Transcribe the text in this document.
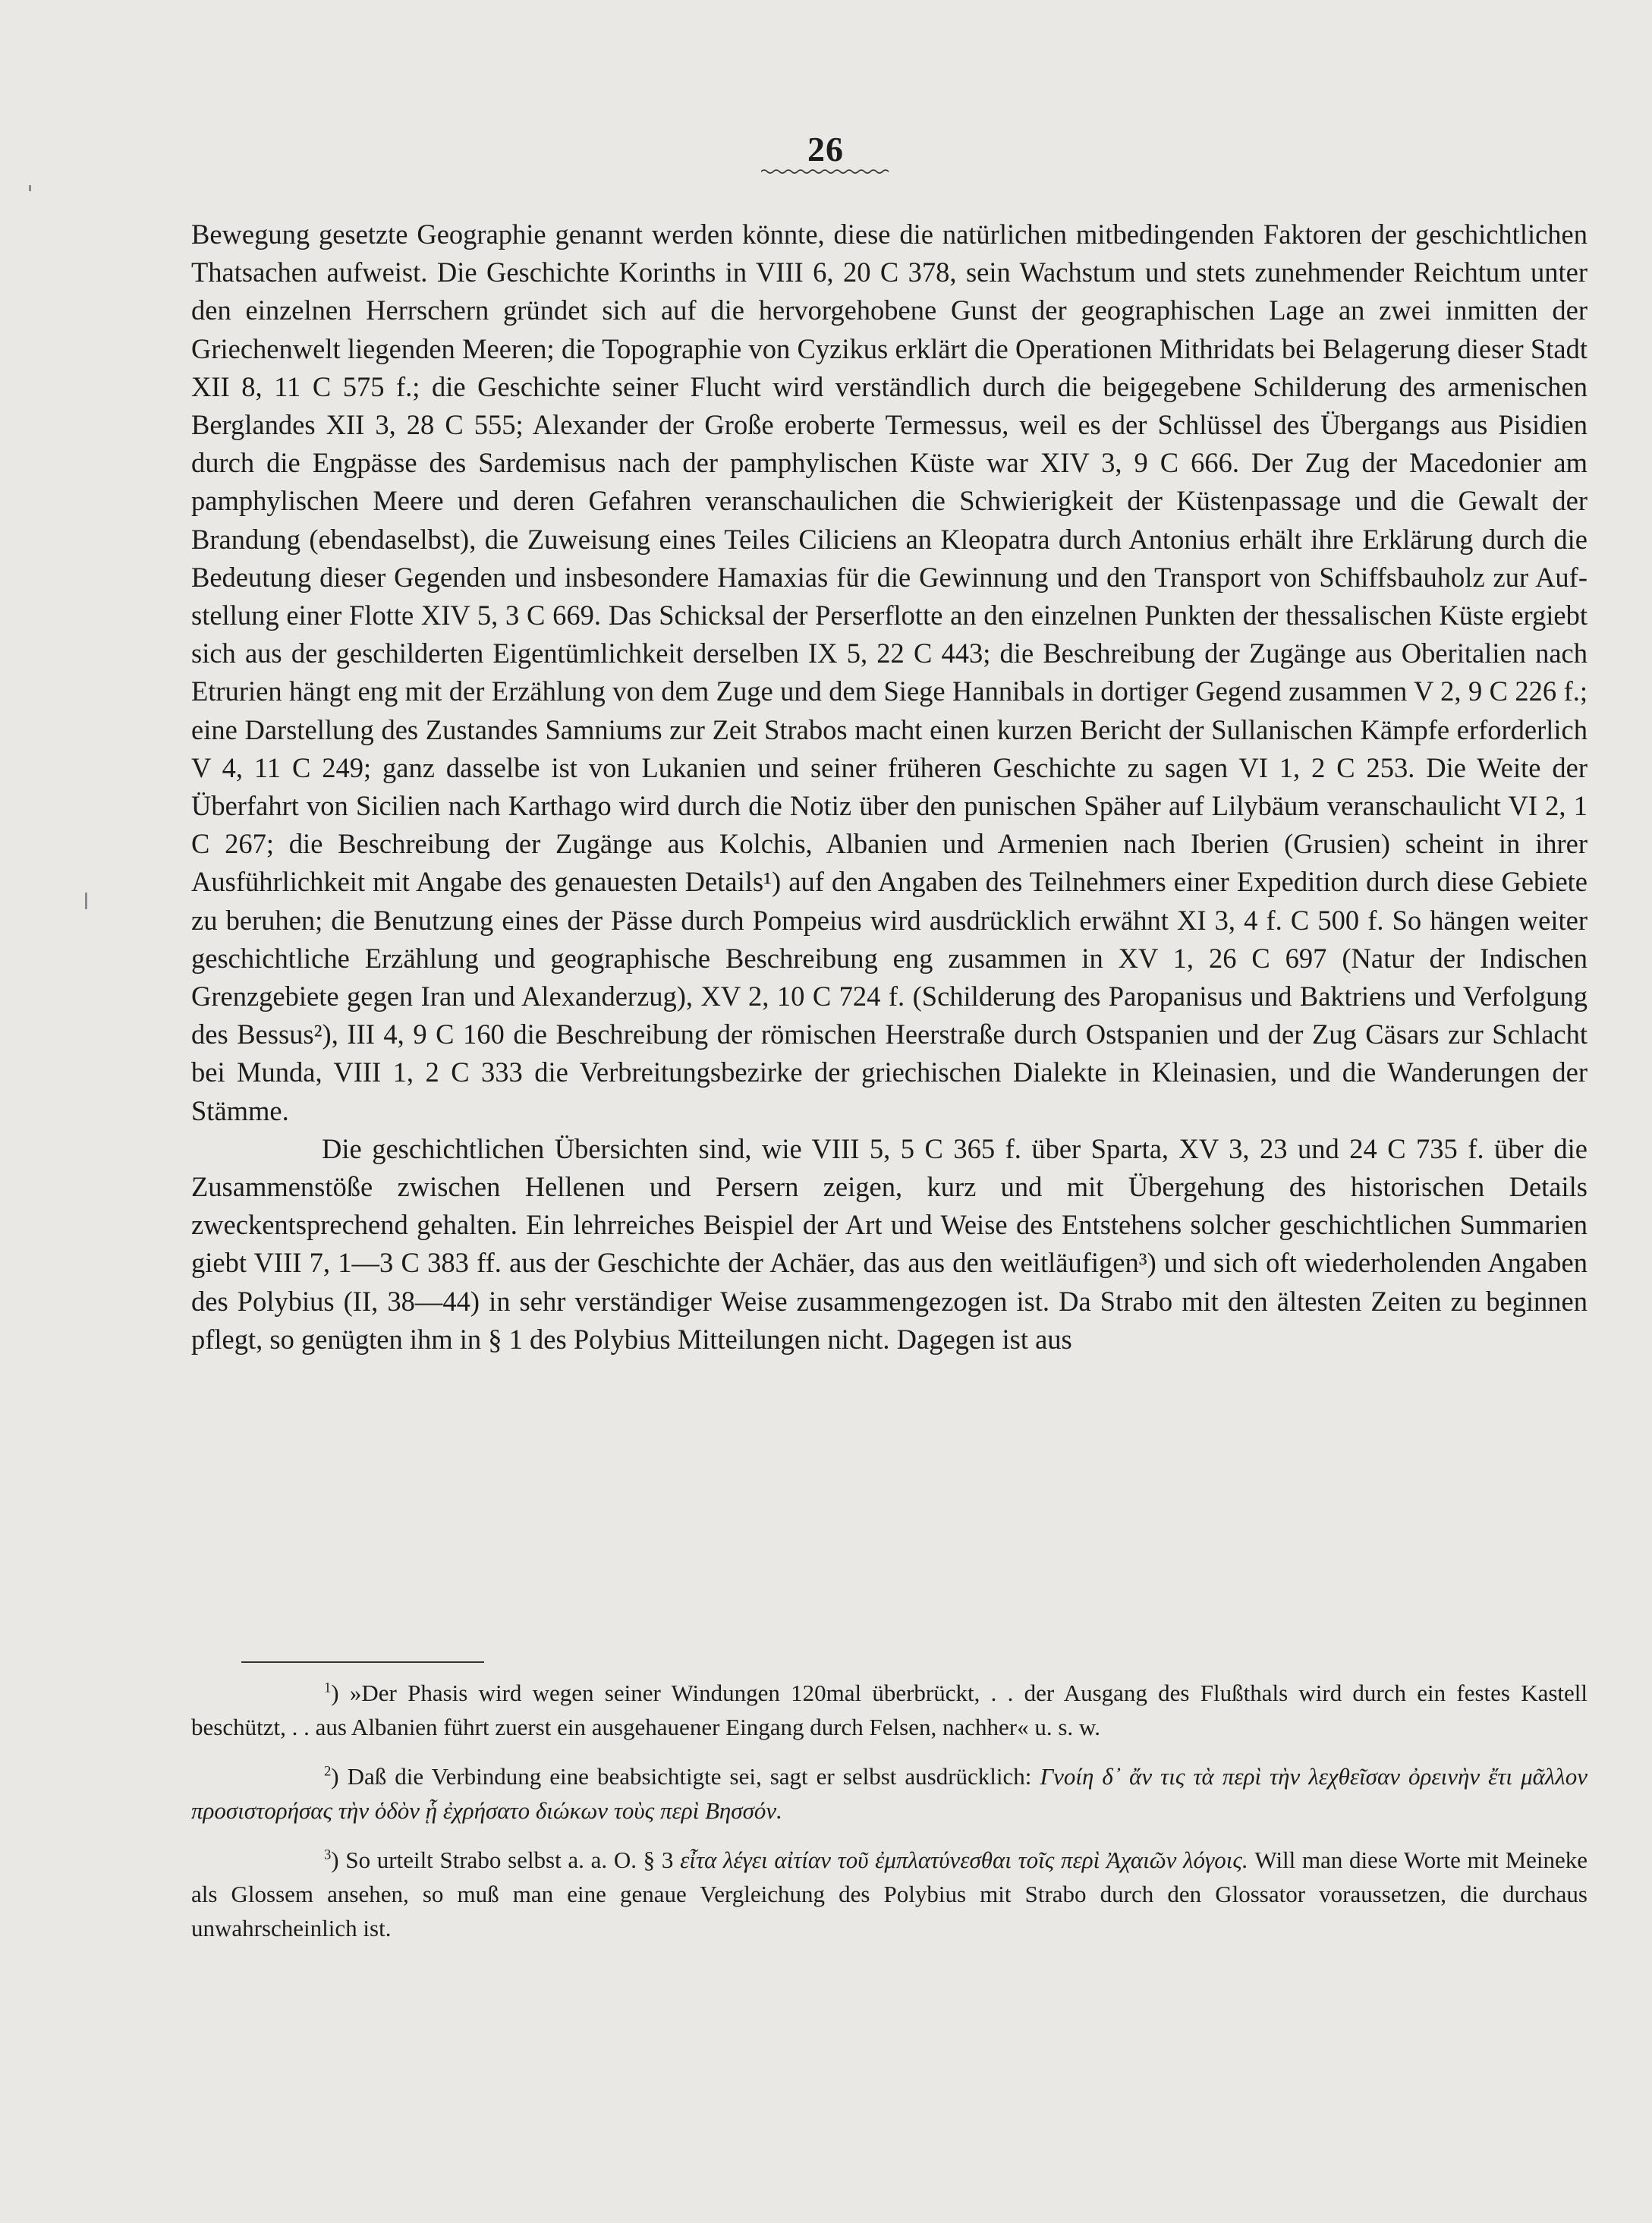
26

Bewegung gesetzte Geographie genannt werden könnte, diese die natürlichen mitbedingenden Faktoren der geschichtlichen Thatsachen aufweist. Die Geschichte Korinths in VIII 6, 20 C 378, sein Wachstum und stets zunehmender Reichtum unter den einzelnen Herrschern gründet sich auf die hervorgehobene Gunst der geographischen Lage an zwei inmitten der Griechenwelt liegenden Meeren; die Topographie von Cyzikus erklärt die Operationen Mithridats bei Belagerung dieser Stadt XII 8, 11 C 575 f.; die Geschichte seiner Flucht wird verständlich durch die beigegebene Schilderung des armenischen Berglandes XII 3, 28 C 555; Alexander der Große eroberte Termessus, weil es der Schlüssel des Übergangs aus Pisidien durch die Engpässe des Sardemisus nach der pamphylischen Küste war XIV 3, 9 C 666. Der Zug der Macedonier am pamphylischen Meere und deren Gefahren veranschaulichen die Schwierigkeit der Küstenpassage und die Gewalt der Brandung (ebendaselbst), die Zuweisung eines Teiles Ciliciens an Kleopatra durch Antonius erhält ihre Erklärung durch die Bedeutung dieser Gegenden und insbesondere Hamaxias für die Gewinnung und den Transport von Schiffsbauholz zur Aufstellung einer Flotte XIV 5, 3 C 669. Das Schicksal der Perserflotte an den einzelnen Punkten der thessalischen Küste ergiebt sich aus der geschilderten Eigentümlichkeit derselben IX 5, 22 C 443; die Beschreibung der Zugänge aus Oberitalien nach Etrurien hängt eng mit der Erzählung von dem Zuge und dem Siege Hannibals in dortiger Gegend zusammen V 2, 9 C 226 f.; eine Darstellung des Zustandes Samniums zur Zeit Strabos macht einen kurzen Bericht der Sullanischen Kämpfe erforderlich V 4, 11 C 249; ganz dasselbe ist von Lukanien und seiner früheren Geschichte zu sagen VI 1, 2 C 253. Die Weite der Überfahrt von Sicilien nach Karthago wird durch die Notiz über den punischen Späher auf Lilybäum veranschaulicht VI 2, 1 C 267; die Beschreibung der Zugänge aus Kolchis, Albanien und Armenien nach Iberien (Grusien) scheint in ihrer Ausführlichkeit mit Angabe des genauesten Details¹) auf den Angaben des Teilnehmers einer Expedition durch diese Gebiete zu beruhen; die Benutzung eines der Pässe durch Pompeius wird ausdrücklich erwähnt XI 3, 4 f. C 500 f. So hängen weiter geschichtliche Erzählung und geographische Beschreibung eng zusammen in XV 1, 26 C 697 (Natur der Indischen Grenzgebiete gegen Iran und Alexanderzug), XV 2, 10 C 724 f. (Schilderung des Paropanisus und Baktriens und Verfolgung des Bessus²), III 4, 9 C 160 die Beschreibung der römischen Heerstraße durch Ostspanien und der Zug Cäsars zur Schlacht bei Munda, VIII 1, 2 C 333 die Verbreitungsbezirke der griechischen Dialekte in Kleinasien, und die Wanderungen der Stämme.

Die geschichtlichen Übersichten sind, wie VIII 5, 5 C 365 f. über Sparta, XV 3, 23 und 24 C 735 f. über die Zusammenstöße zwischen Hellenen und Persern zeigen, kurz und mit Übergehung des historischen Details zweckentsprechend gehalten. Ein lehrreiches Beispiel der Art und Weise des Entstehens solcher geschichtlichen Summarien giebt VIII 7, 1—3 C 383 ff. aus der Geschichte der Achäer, das aus den weitläufigen³) und sich oft wiederholenden Angaben des Polybius (II, 38—44) in sehr verständiger Weise zusammengezogen ist. Da Strabo mit den ältesten Zeiten zu beginnen pflegt, so genügten ihm in § 1 des Polybius Mitteilungen nicht. Dagegen ist aus

$^1$) »Der Phasis wird wegen seiner Windungen 120mal überbrückt, . . der Ausgang des Flußthals wird durch ein festes Kastell beschützt, . . aus Albanien führt zuerst ein ausgehauener Eingang durch Felsen, nachher« u. s. w.

$^2$) Daß die Verbindung eine beabsichtigte sei, sagt er selbst ausdrücklich: Γνοίη δ᾽ ἄν τις τὰ περὶ τὴν λεχθεῖσαν ὀρεινὴν ἔτι μᾶλλον προσιστορήσας τὴν ὁδὸν ᾗ ἐχρήσατο διώκων τοὺς περὶ Βησσόν.

$^3$) So urteilt Strabo selbst a. a. O. § 3 εἶτα λέγει αἰτίαν τοῦ ἐμπλατύνεσθαι τοῖς περὶ Ἀχαιῶν λόγοις. Will man diese Worte mit Meineke als Glossem ansehen, so muß man eine genaue Vergleichung des Polybius mit Strabo durch den Glossator voraussetzen, die durchaus unwahrscheinlich ist.
